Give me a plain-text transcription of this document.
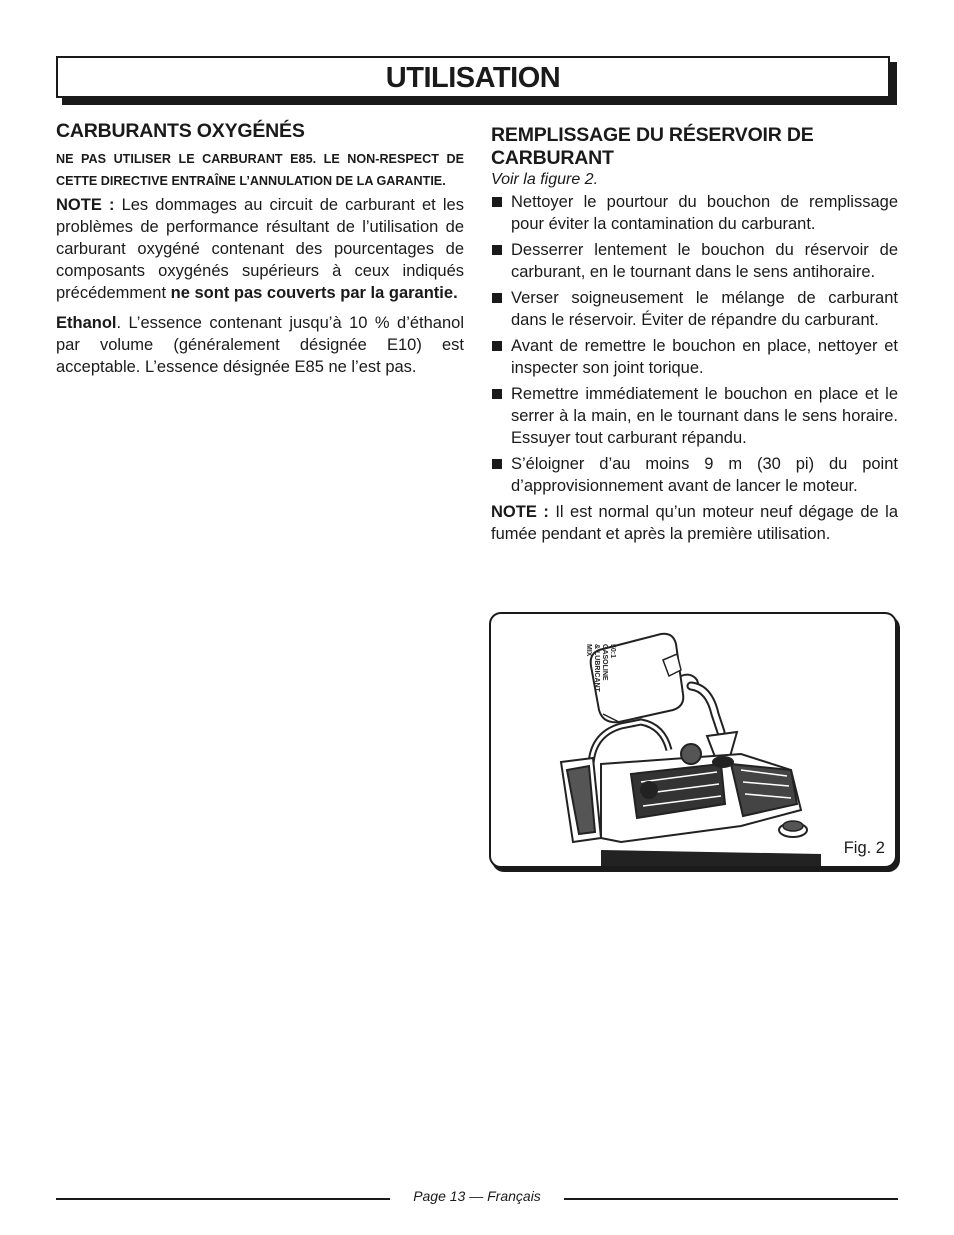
UTILISATION
CARBURANTS OXYGÉNÉS
NE PAS UTILISER LE CARBURANT E85. LE NON-RESPECT DE CETTE DIRECTIVE ENTRAÎNE L’ANNULATION DE LA GARANTIE.

NOTE : Les dommages au circuit de carburant et les problèmes de performance résultant de l’utilisation de carburant oxygéné contenant des pourcentages de composants oxygénés supérieurs à ceux indiqués précédemment ne sont pas couverts par la garantie.

Ethanol. L’essence contenant jusqu’à 10 % d’éthanol par volume (généralement désignée E10) est acceptable. L’essence désignée E85 ne l’est pas.

REMPLISSAGE DU RÉSERVOIR DE CARBURANT
Voir la figure 2.
Nettoyer le pourtour du bouchon de remplissage pour éviter la contamination du carburant.
Desserrer lentement le bouchon du réservoir de carburant, en le tournant dans le sens antihoraire.
Verser soigneusement le mélange de carburant dans le réservoir. Éviter de répandre du carburant.
Avant de remettre le bouchon en place, nettoyer et inspecter son joint torique.
Remettre immédiatement le bouchon en place et le serrer à la main, en le tournant dans le sens horaire. Essuyer tout carburant répandu.
S’éloigner d’au moins 9 m (30 pi) du point d’approvisionnement avant de lancer le moteur.

NOTE : Il est normal qu’un moteur neuf dégage de la fumée pendant et après la première utilisation.

50:1
GASOLINE
& LUBRICANT
MIX
Fig. 2
Page 13 — Français
